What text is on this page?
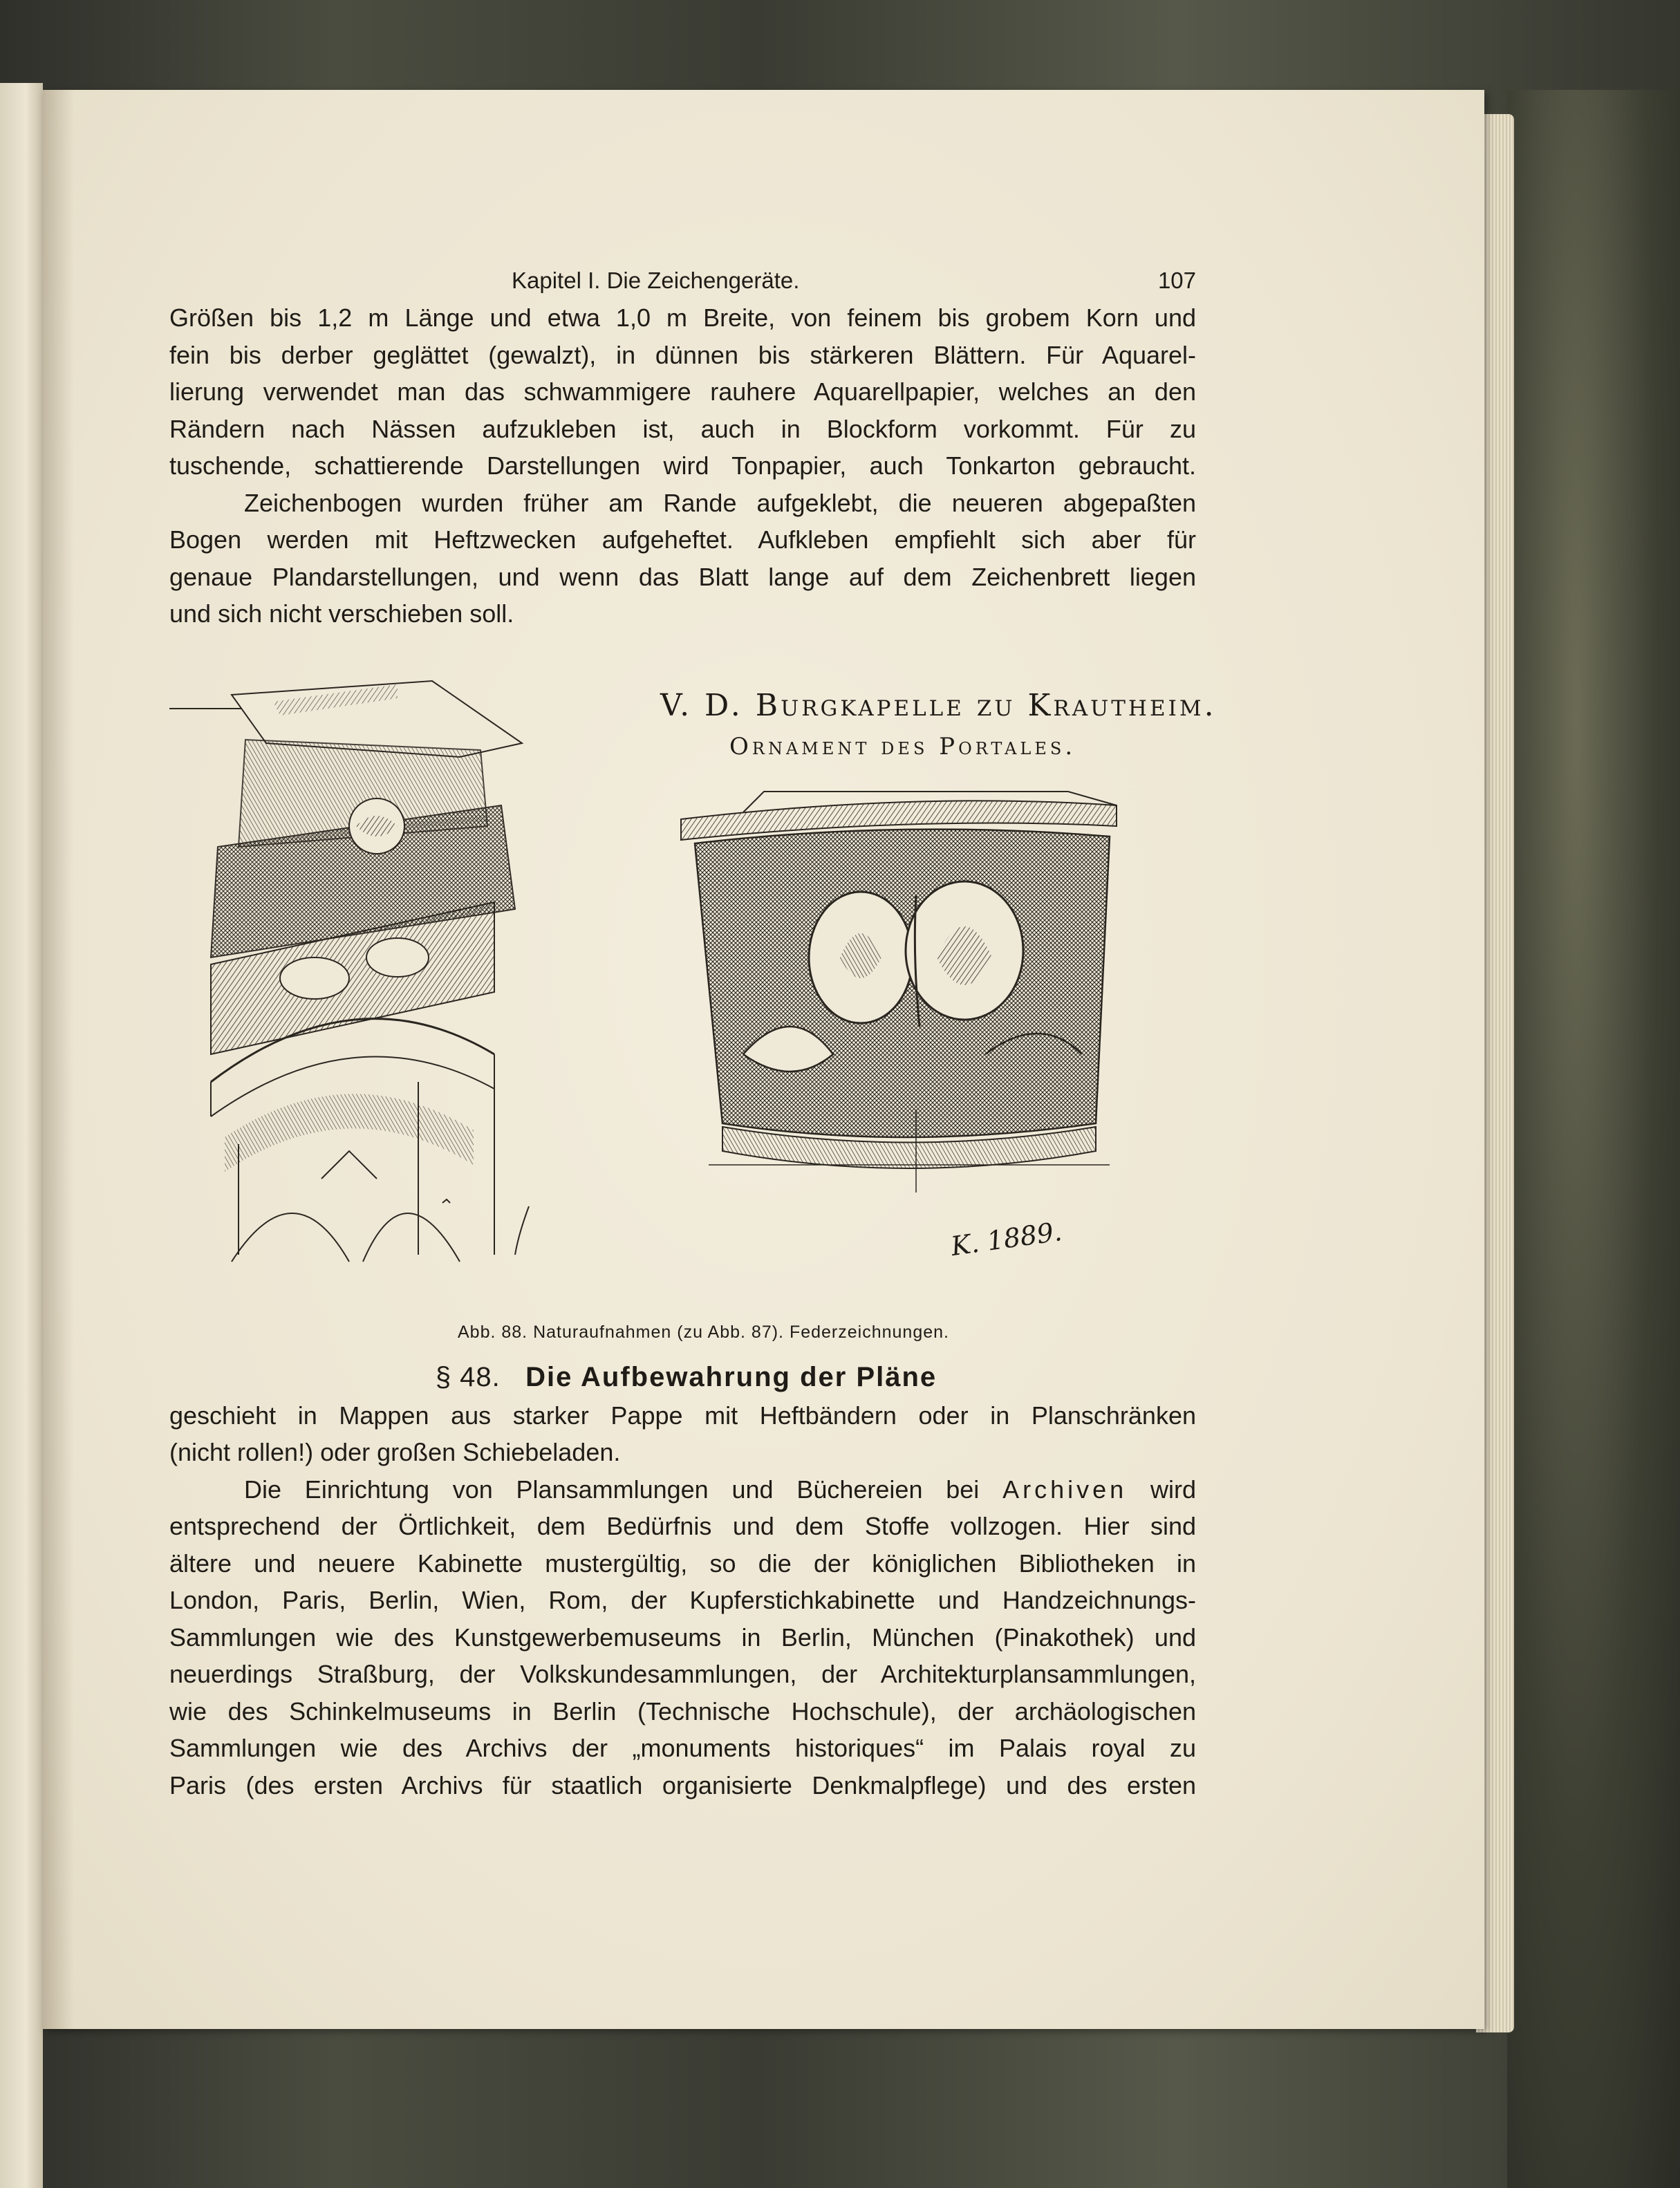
Kapitel I. Die Zeichengeräte.	107

Größen bis 1,2 m Länge und etwa 1,0 m Breite, von feinem bis grobem Korn und

fein bis derber geglättet (gewalzt), in dünnen bis stärkeren Blättern. Für Aquarel-

lierung verwendet man das schwammigere rauhere Aquarellpapier, welches an den

Rändern nach Nässen aufzukleben ist, auch in Blockform vorkommt. Für zu

tuschende, schattierende Darstellungen wird Tonpapier, auch Tonkarton gebraucht.

Zeichenbogen wurden früher am Rande aufgeklebt, die neueren abgepaßten

Bogen werden mit Heftzwecken aufgeheftet. Aufkleben empfiehlt sich aber für

genaue Plandarstellungen, und wenn das Blatt lange auf dem Zeichenbrett liegen

und sich nicht verschieben soll.

V. D. Burgkapelle zu Krautheim.
Ornament des Portales.
K. 1889.
Abb. 88. Naturaufnahmen (zu Abb. 87). Federzeichnungen.
§ 48. Die Aufbewahrung der Pläne

geschieht in Mappen aus starker Pappe mit Heftbändern oder in Planschränken

(nicht rollen!) oder großen Schiebeladen.

Die Einrichtung von Plansammlungen und Büchereien bei Archiven wird

entsprechend der Örtlichkeit, dem Bedürfnis und dem Stoffe vollzogen. Hier sind

ältere und neuere Kabinette mustergültig, so die der königlichen Bibliotheken in

London, Paris, Berlin, Wien, Rom, der Kupferstichkabinette und Handzeichnungs-

Sammlungen wie des Kunstgewerbemuseums in Berlin, München (Pinakothek) und

neuerdings Straßburg, der Volkskundesammlungen, der Architekturplansammlungen,

wie des Schinkelmuseums in Berlin (Technische Hochschule), der archäologischen

Sammlungen wie des Archivs der „monuments historiques“ im Palais royal zu

Paris (des ersten Archivs für staatlich organisierte Denkmalpflege) und des ersten
